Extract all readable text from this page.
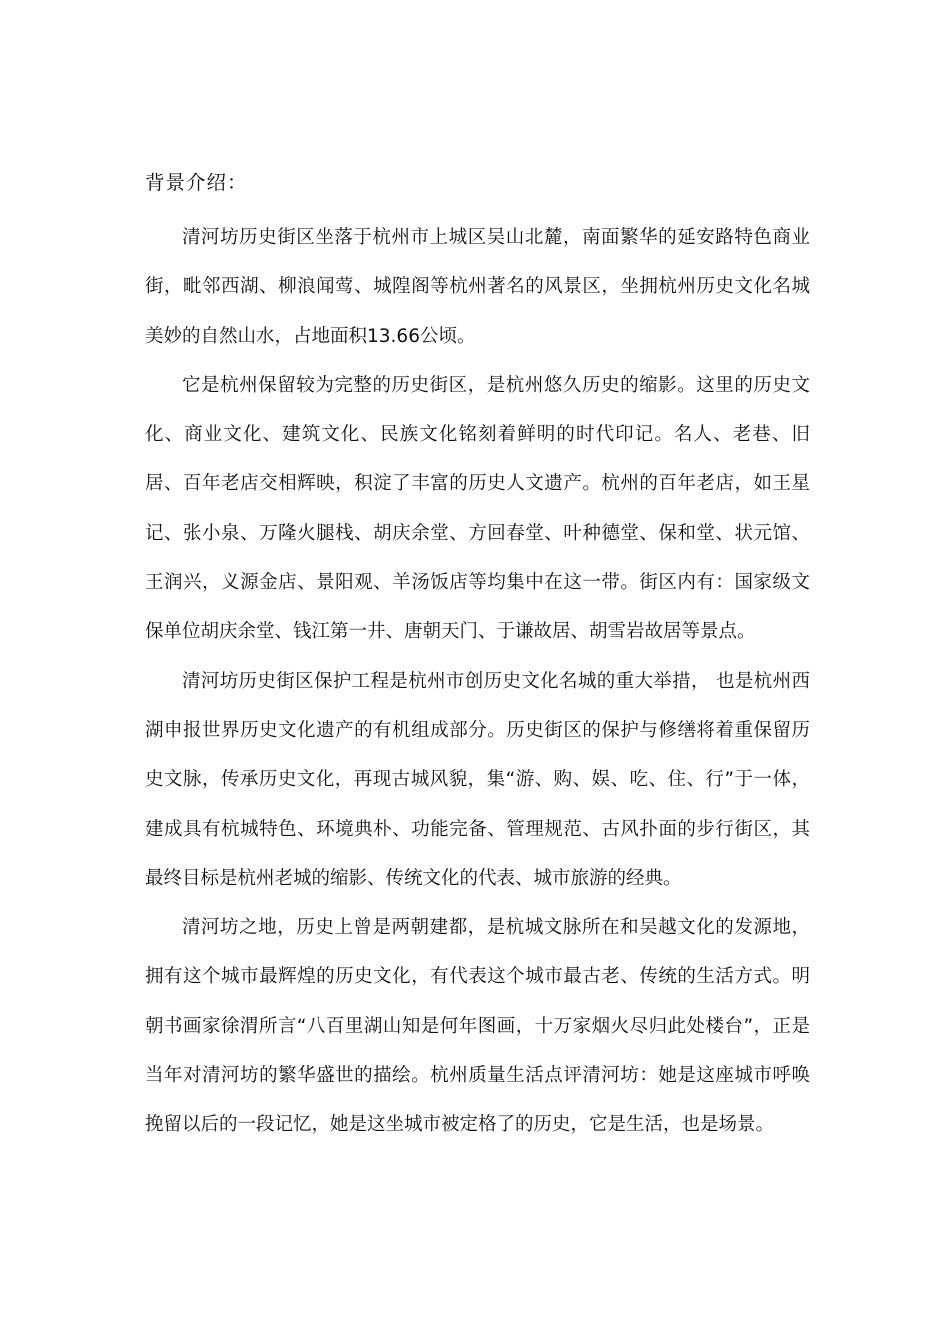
背景介绍：

清河坊历史街区坐落于杭州市上城区吴山北麓，南面繁华的延安路特色商业街，毗邻西湖、柳浪闻莺、城隍阁等杭州著名的风景区，坐拥杭州历史文化名城美妙的自然山水，占地面积13.66公顷。

它是杭州保留较为完整的历史街区，是杭州悠久历史的缩影。这里的历史文化、商业文化、建筑文化、民族文化铭刻着鲜明的时代印记。名人、老巷、旧居、百年老店交相辉映，积淀了丰富的历史人文遗产。杭州的百年老店，如王星记、张小泉、万隆火腿栈、胡庆余堂、方回春堂、叶种德堂、保和堂、状元馆、王润兴，义源金店、景阳观、羊汤饭店等均集中在这一带。街区内有：国家级文保单位胡庆余堂、钱江第一井、唐朝天门、于谦故居、胡雪岩故居等景点。

清河坊历史街区保护工程是杭州市创历史文化名城的重大举措， 也是杭州西湖申报世界历史文化遗产的有机组成部分。历史街区的保护与修缮将着重保留历史文脉，传承历史文化，再现古城风貌，集“游、购、娱、吃、住、行”于一体，建成具有杭城特色、环境典朴、功能完备、管理规范、古风扑面的步行街区，其最终目标是杭州老城的缩影、传统文化的代表、城市旅游的经典。

清河坊之地，历史上曾是两朝建都，是杭城文脉所在和吴越文化的发源地，拥有这个城市最辉煌的历史文化，有代表这个城市最古老、传统的生活方式。明朝书画家徐渭所言“八百里湖山知是何年图画，十万家烟火尽归此处楼台”，正是当年对清河坊的繁华盛世的描绘。杭州质量生活点评清河坊：她是这座城市呼唤挽留以后的一段记忆，她是这坐城市被定格了的历史，它是生活，也是场景。
